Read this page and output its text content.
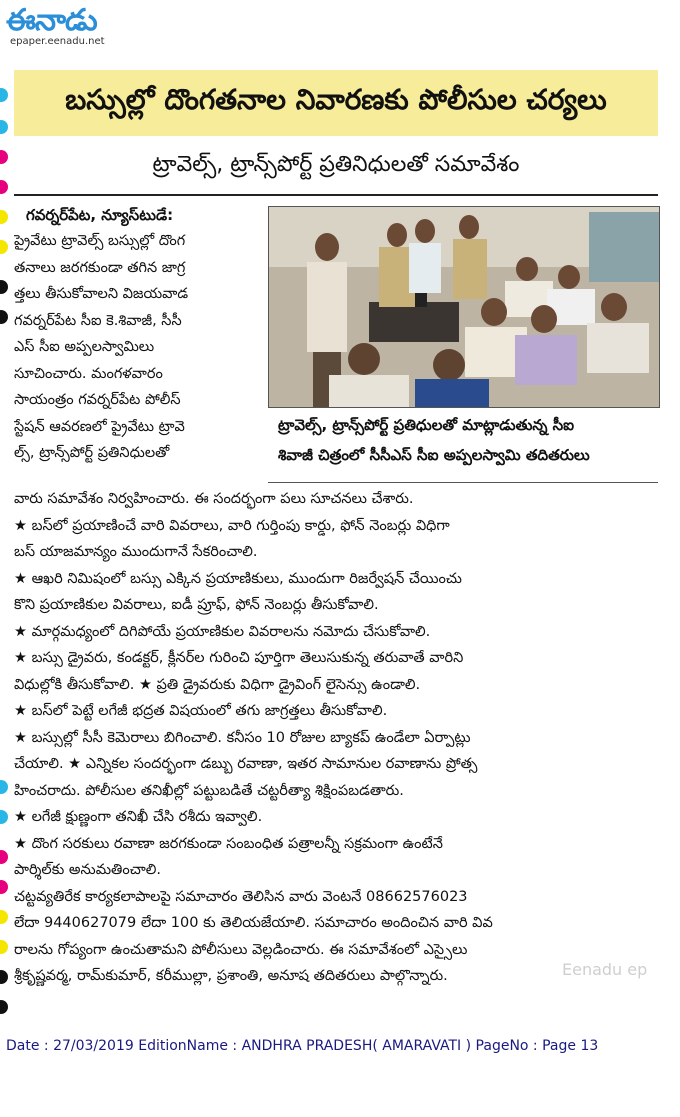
ఈనాడు
epaper.eenadu.net
బస్సుల్లో దొంగతనాల నివారణకు పోలీసుల చర్యలు
ట్రావెల్స్‌, ట్రాన్స్‌పోర్ట్‌ ప్రతినిధులతో సమావేశం
గవర్నర్‌పేట, న్యూస్‌టుడే:
ప్రైవేటు ట్రావెల్స్‌ బస్సుల్లో దొంగ
తనాలు జరగకుండా తగిన జాగ్ర
త్తలు తీసుకోవాలని విజయవాడ
గవర్నర్‌పేట సీఐ కె.శివాజీ, సీసీ
ఎస్‌ సీఐ అప్పలస్వామిలు
సూచించారు. మంగళవారం
సాయంత్రం గవర్నర్‌పేట పోలీస్‌
స్టేషన్‌ ఆవరణలో ప్రైవేటు ట్రావె
ల్స్‌, ట్రాన్స్‌పోర్ట్‌ ప్రతినిధులతో
ట్రావెల్స్‌, ట్రాన్స్‌పోర్ట్‌ ప్రతిధులతో మాట్లాడుతున్న సీఐ
శివాజీ చిత్రంలో సీసీఎస్‌ సీఐ అప్పలస్వామి తదితరులు
వారు సమావేశం నిర్వహించారు. ఈ సందర్భంగా పలు సూచనలు చేశారు.
★ బస్‌లో ప్రయాణించే వారి వివరాలు, వారి గుర్తింపు కార్డు, ఫోన్‌ నెంబర్లు విధిగా
బస్‌ యాజమాన్యం ముందుగానే సేకరించాలి.
★ ఆఖరి నిమిషంలో బస్సు ఎక్కిన ప్రయాణికులు, ముందుగా రిజర్వేషన్‌ చేయించు
కొని ప్రయాణికుల వివరాలు, ఐడీ ప్రూఫ్‌, ఫోన్‌ నెంబర్లు తీసుకోవాలి.
★ మార్గమధ్యంలో దిగిపోయే ప్రయాణికుల వివరాలను నమోదు చేసుకోవాలి.
★ బస్సు డ్రైవరు, కండక్టర్‌, క్లీనర్‌ల గురించి పూర్తిగా తెలుసుకున్న తరువాతే వారిని
విధుల్లోకి తీసుకోవాలి. ★ ప్రతి డ్రైవరుకు విధిగా డ్రైవింగ్‌ లైసెన్సు ఉండాలి.
★ బస్‌లో పెట్టే లగేజీ భద్రత విషయంలో తగు జాగ్రత్తలు తీసుకోవాలి.
★ బస్సుల్లో సీసీ కెమెరాలు బిగించాలి. కనీసం 10 రోజుల బ్యాకప్‌ ఉండేలా ఏర్పాట్లు
చేయాలి. ★ ఎన్నికల సందర్భంగా డబ్బు రవాణా, ఇతర సామానుల రవాణాను ప్రోత్స
హించరాదు. పోలీసుల తనిఖీల్లో పట్టుబడితే చట్టరీత్యా శిక్షింపబడతారు.
★ లగేజీ క్షుణ్ణంగా తనిఖీ చేసి రశీదు ఇవ్వాలి.
★ దొంగ సరకులు రవాణా జరగకుండా సంబంధిత పత్రాలన్నీ సక్రమంగా ఉంటేనే
పార్శిల్‌కు అనుమతించాలి.
చట్టవ్యతిరేక కార్యకలాపాలపై సమాచారం తెలిసిన వారు వెంటనే 08662576023
లేదా 9440627079 లేదా 100 కు తెలియజేయాలి. సమాచారం అందించిన వారి వివ
రాలను గోప్యంగా ఉంచుతామని పోలీసులు వెల్లడించారు. ఈ సమావేశంలో ఎస్సైలు
శ్రీకృష్ణవర్మ, రామ్‌కుమార్‌, కరీముల్లా, ప్రశాంతి, అనూష తదితరులు పాల్గొన్నారు.	Eenadu ep
Date : 27/03/2019 EditionName : ANDHRA PRADESH( AMARAVATI ) PageNo : Page 13
